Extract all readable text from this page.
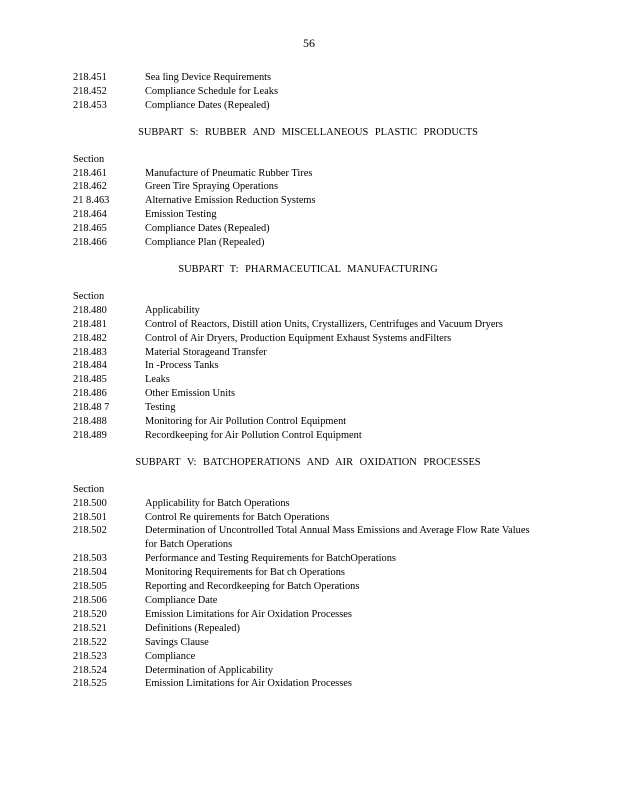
56
218.451	Sea ling Device Requirements
218.452	Compliance Schedule for Leaks
218.453	Compliance Dates (Repealed)
SUBPART S: RUBBER AND MISCELLANEOUS PLASTIC PRODUCTS
Section
218.461	Manufacture of Pneumatic Rubber Tires
218.462	Green Tire Spraying Operations
21 8.463	Alternative Emission Reduction Systems
218.464	Emission Testing
218.465	Compliance Dates (Repealed)
218.466	Compliance Plan (Repealed)
SUBPART T: PHARMACEUTICAL MANUFACTURING
Section
218.480	Applicability
218.481	Control of Reactors, Distill ation Units, Crystallizers, Centrifuges and Vacuum Dryers
218.482	Control of Air Dryers, Production Equipment Exhaust Systems andFilters
218.483	Material Storageand Transfer
218.484	In -Process Tanks
218.485	Leaks
218.486	Other Emission Units
218.48 7	Testing
218.488	Monitoring for Air Pollution Control Equipment
218.489	Recordkeeping for Air Pollution Control Equipment
SUBPART V: BATCHOPERATIONS AND AIR OXIDATION PROCESSES
Section
218.500	Applicability for Batch Operations
218.501	Control Re quirements for Batch Operations
218.502	Determination of Uncontrolled Total Annual Mass Emissions and Average Flow Rate Values for Batch Operations
218.503	Performance and Testing Requirements for BatchOperations
218.504	Monitoring Requirements for Bat ch Operations
218.505	Reporting and Recordkeeping for Batch Operations
218.506	Compliance Date
218.520	Emission Limitations for Air Oxidation Processes
218.521	Definitions (Repealed)
218.522	Savings Clause
218.523	Compliance
218.524	Determination of Applicability
218.525	Emission Limitations for Air Oxidation Processes
